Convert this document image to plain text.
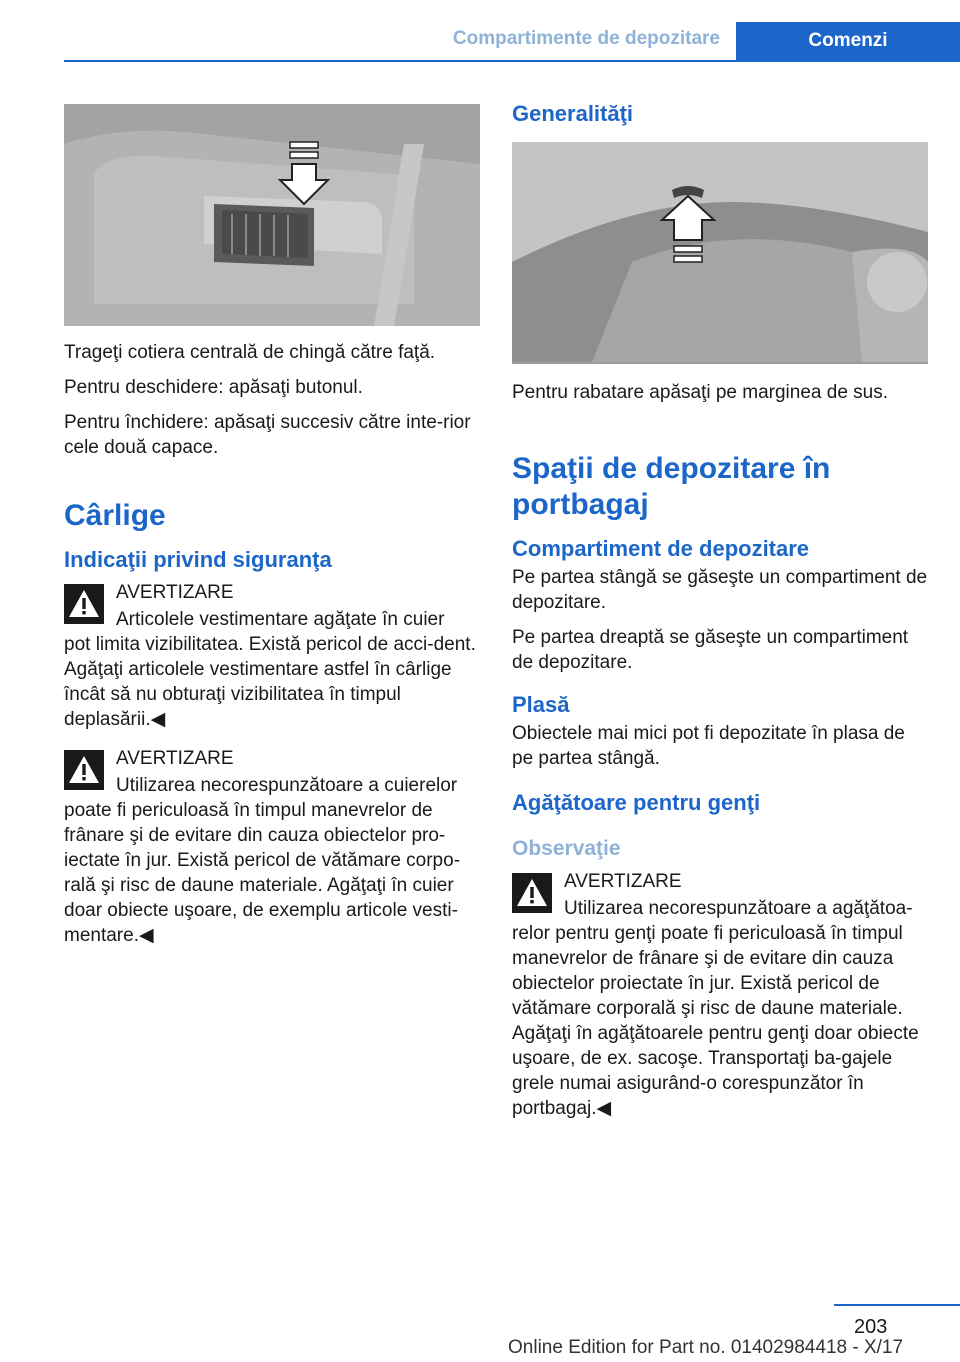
Compartimente de depozitare	Comenzi

Trageţi cotiera centrală de chingă către faţă.

Pentru deschidere: apăsaţi butonul.

Pentru închidere: apăsaţi succesiv către inte‐rior cele două capace.

Cârlige
Indicaţii privind siguranţa
AVERTIZARE
Articolele vestimentare agăţate în cuier
pot limita vizibilitatea. Există pericol de acci‐dent. Agăţaţi articolele vestimentare astfel în cârlige încât să nu obturaţi vizibilitatea în timpul deplasării.◀
AVERTIZARE
Utilizarea necorespunzătoare a cuierelor
poate fi periculoasă în timpul manevrelor de frânare şi de evitare din cauza obiectelor pro‐iectate în jur. Există pericol de vătămare corpo‐rală şi risc de daune materiale. Agăţaţi în cuier doar obiecte uşoare, de exemplu articole vesti‐mentare.◀
Generalităţi

Pentru rabatare apăsaţi pe marginea de sus.

Spaţii de depozitare în portbagaj
Compartiment de depozitare

Pe partea stângă se găseşte un compartiment de depozitare.

Pe partea dreaptă se găseşte un compartiment de depozitare.

Plasă

Obiectele mai mici pot fi depozitate în plasa de pe partea stângă.

Agăţătoare pentru genţi
Observaţie
AVERTIZARE
Utilizarea necorespunzătoare a agăţătoa‐
relor pentru genţi poate fi periculoasă în timpul manevrelor de frânare şi de evitare din cauza obiectelor proiectate în jur. Există pericol de vătămare corporală şi risc de daune materiale. Agăţaţi în agăţătoarele pentru genţi doar obiecte uşoare, de ex. sacoşe. Transportaţi ba‐gajele grele numai asigurând-o corespunzător în portbagaj.◀
203
Online Edition for Part no. 01402984418 - X/17
